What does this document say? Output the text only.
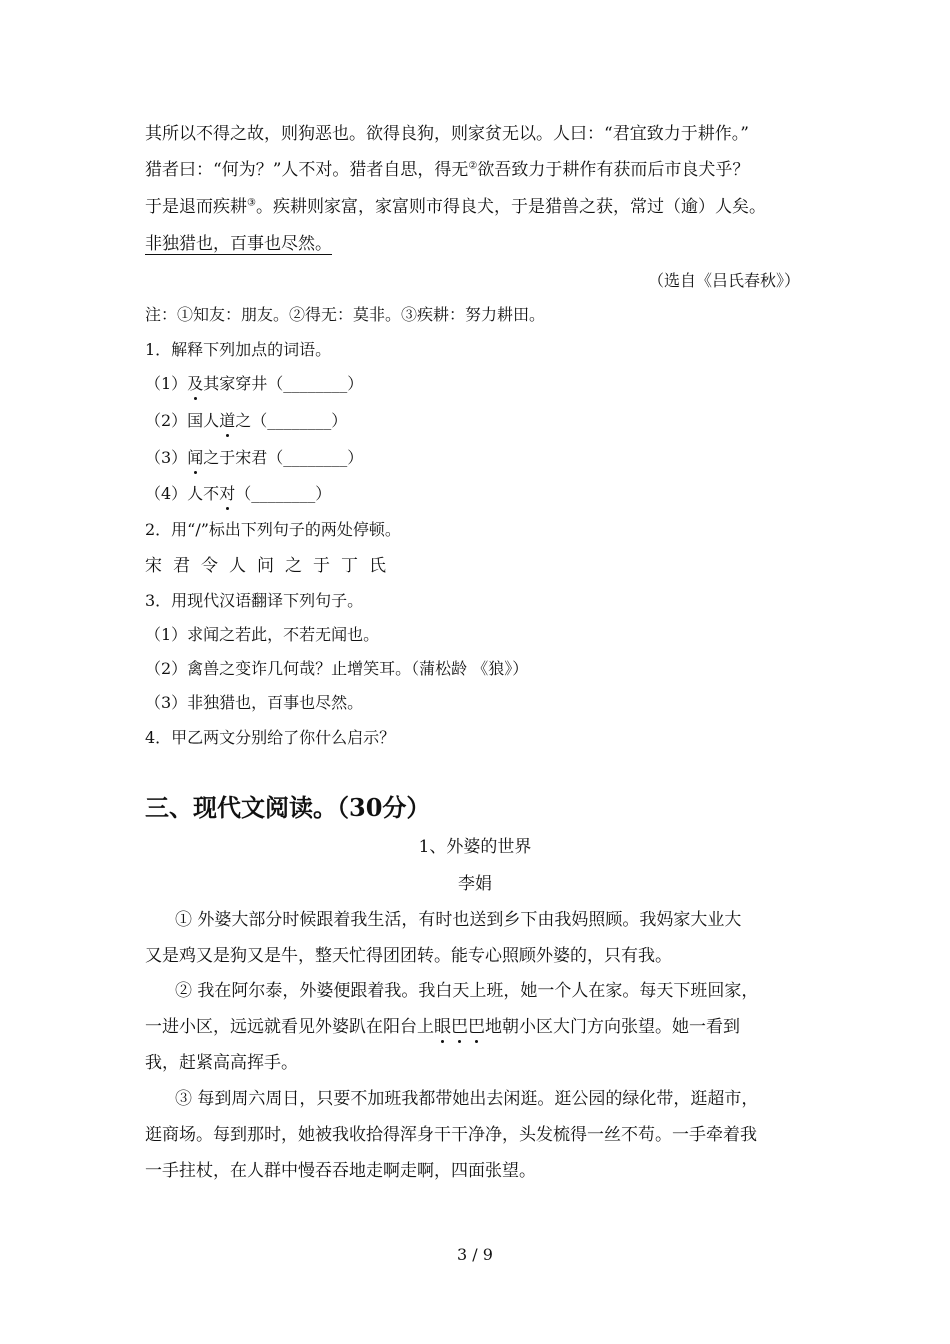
其所以不得之故，则狗恶也。欲得良狗，则家贫无以。人曰：“君宜致力于耕作。”
猎者曰：“何为？”人不对。猎者自思，得无②欲吾致力于耕作有获而后市良犬乎？
于是退而疾耕③。疾耕则家富，家富则市得良犬，于是猎兽之获，常过（逾）人矣。
非独猎也，百事也尽然。
（选自《吕氏春秋》）
注：①知友：朋友。②得无：莫非。③疾耕：努力耕田。
1．解释下列加点的词语。
（1）及其家穿井（________）
（2）国人道之（________）
（3）闻之于宋君（________）
（4）人不对（________）
2．用“/”标出下列句子的两处停顿。
宋君令人问之于丁氏
3．用现代汉语翻译下列句子。
（1）求闻之若此，不若无闻也。
（2）禽兽之变诈几何哉？止增笑耳。（蒲松龄 《狼》）
（3）非独猎也，百事也尽然。
4．甲乙两文分别给了你什么启示？
三、现代文阅读。（30分）
1、外婆的世界
李娟
① 外婆大部分时候跟着我生活，有时也送到乡下由我妈照顾。我妈家大业大
又是鸡又是狗又是牛，整天忙得团团转。能专心照顾外婆的，只有我。
② 我在阿尔泰，外婆便跟着我。我白天上班，她一个人在家。每天下班回家，
一进小区，远远就看见外婆趴在阳台上眼巴巴地朝小区大门方向张望。她一看到
我，赶紧高高挥手。
③ 每到周六周日，只要不加班我都带她出去闲逛。逛公园的绿化带，逛超市，
逛商场。每到那时，她被我收拾得浑身干干净净，头发梳得一丝不苟。一手牵着我
一手拄杖，在人群中慢吞吞地走啊走啊，四面张望。
3 / 9
